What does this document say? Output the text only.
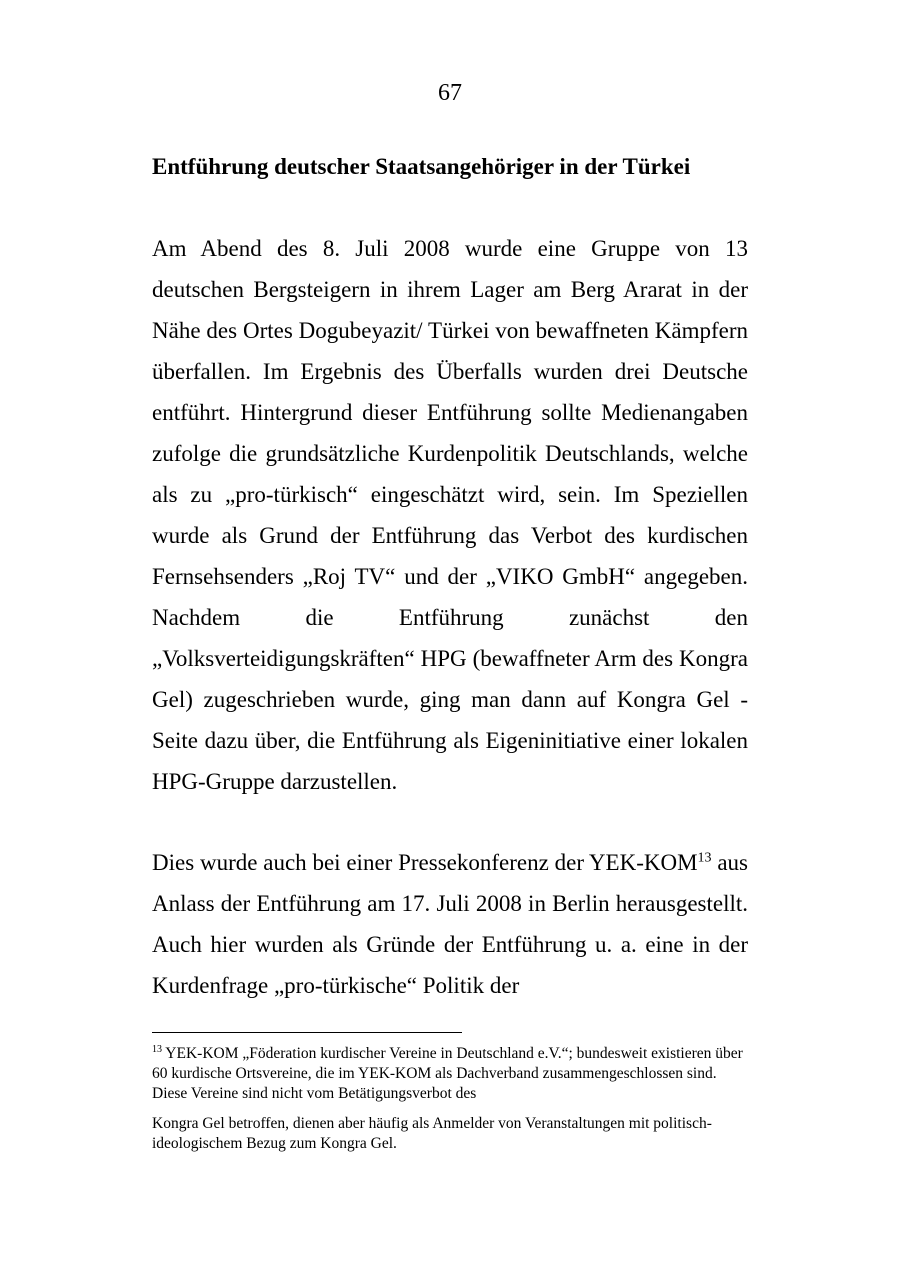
67
Entführung deutscher Staatsangehöriger in der Türkei

Am Abend des 8. Juli 2008 wurde eine Gruppe von 13 deutschen Bergsteigern in ihrem Lager am Berg Ararat in der Nähe des Ortes Dogubeyazit/ Türkei von bewaffneten Kämpfern überfallen. Im Ergebnis des Überfalls wurden drei Deutsche entführt. Hintergrund dieser Entführung sollte Medienangaben zufolge die grundsätzliche Kurdenpolitik Deutschlands, welche als zu „pro-türkisch“ eingeschätzt wird, sein. Im Speziellen wurde als Grund der Entführung das Verbot des kurdischen Fernsehsenders „Roj TV“ und der „VIKO GmbH“ angegeben. Nachdem die Entführung zunächst den „Volksverteidigungskräften“ HPG (bewaffneter Arm des Kongra Gel) zugeschrieben wurde, ging man dann auf Kongra Gel -Seite dazu über, die Entführung als Eigeninitiative einer lokalen HPG-Gruppe darzustellen.

Dies wurde auch bei einer Pressekonferenz der YEK-KOM$^{13}$ aus Anlass der Entführung am 17. Juli 2008 in Berlin herausgestellt. Auch hier wurden als Gründe der Entführung u. a. eine in der Kurdenfrage „pro-türkische“ Politik der

$^{13}$ YEK-KOM „Föderation kurdischer Vereine in Deutschland e.V.“; bundesweit existieren über 60 kurdische Ortsvereine, die im YEK-KOM als Dachverband zusammengeschlossen sind. Diese Vereine sind nicht vom Betätigungsverbot des
Kongra Gel betroffen, dienen aber häufig als Anmelder von Veranstaltungen mit politisch-ideologischem Bezug zum Kongra Gel.
